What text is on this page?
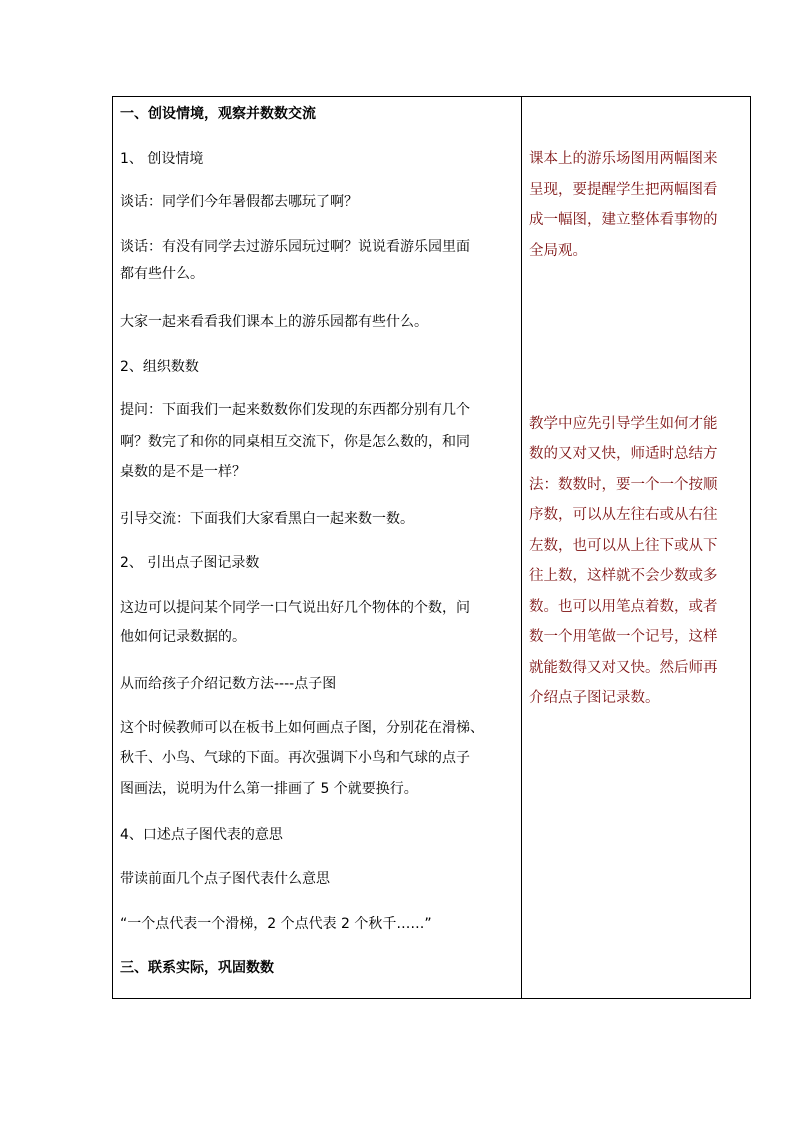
一、创设情境，观察并数数交流
1、 创设情境
谈话：同学们今年暑假都去哪玩了啊？
谈话：有没有同学去过游乐园玩过啊？说说看游乐园里面
都有些什么。
大家一起来看看我们课本上的游乐园都有些什么。
2、组织数数
提问：下面我们一起来数数你们发现的东西都分别有几个
啊？数完了和你的同桌相互交流下，你是怎么数的，和同
桌数的是不是一样？
引导交流：下面我们大家看黑白一起来数一数。
2、 引出点子图记录数
这边可以提问某个同学一口气说出好几个物体的个数，问
他如何记录数据的。
从而给孩子介绍记数方法----点子图
这个时候教师可以在板书上如何画点子图，分别花在滑梯、
秋千、小鸟、气球的下面。再次强调下小鸟和气球的点子
图画法，说明为什么第一排画了 5 个就要换行。
4、口述点子图代表的意思
带读前面几个点子图代表什么意思
“一个点代表一个滑梯，2 个点代表 2 个秋千……”
三、联系实际，巩固数数
课本上的游乐场图用两幅图来
呈现，要提醒学生把两幅图看
成一幅图，建立整体看事物的
全局观。
教学中应先引导学生如何才能
数的又对又快，师适时总结方
法：数数时，要一个一个按顺
序数，可以从左往右或从右往
左数，也可以从上往下或从下
往上数，这样就不会少数或多
数。也可以用笔点着数，或者
数一个用笔做一个记号，这样
就能数得又对又快。然后师再
介绍点子图记录数。
